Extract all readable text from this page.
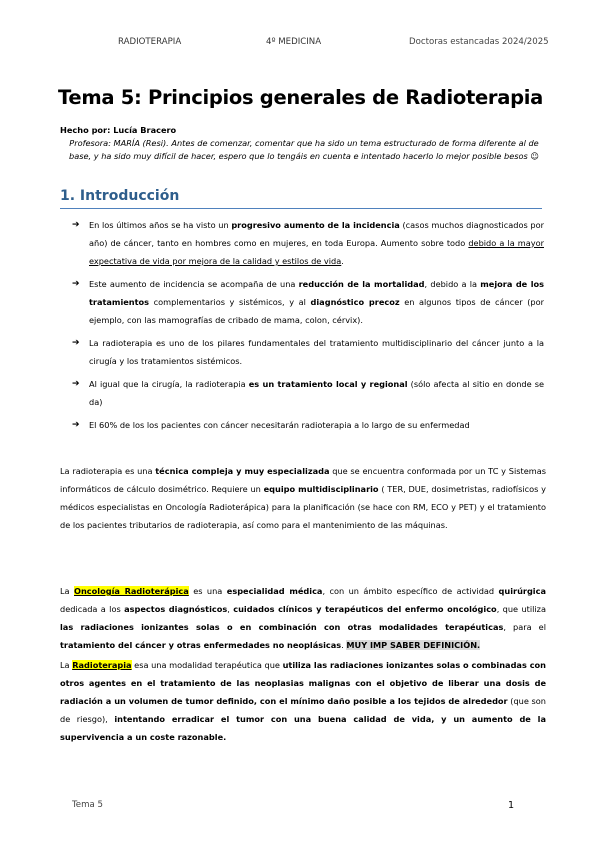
RADIOTERAPIA	4º MEDICINA	Doctoras estancadas 2024/2025
Tema 5: Principios generales de Radioterapia
Hecho por: Lucía Bracero
Profesora: MARÍA (Resi). Antes de comenzar, comentar que ha sido un tema estructurado de forma diferente al de base, y ha sido muy difícil de hacer, espero que lo tengáis en cuenta e intentado hacerlo lo mejor posible besos ☺
1. Introducción
➔ En los últimos años se ha visto un progresivo aumento de la incidencia (casos muchos diagnosticados por año) de cáncer, tanto en hombres como en mujeres, en toda Europa. Aumento sobre todo debido a la mayor expectativa de vida por mejora de la calidad y estilos de vida.
➔ Este aumento de incidencia se acompaña de una reducción de la mortalidad, debido a la mejora de los tratamientos complementarios y sistémicos, y al diagnóstico precoz en algunos tipos de cáncer (por ejemplo, con las mamografías de cribado de mama, colon, cérvix).
➔ La radioterapia es uno de los pilares fundamentales del tratamiento multidisciplinario del cáncer junto a la cirugía y los tratamientos sistémicos.
➔ Al igual que la cirugía, la radioterapia es un tratamiento local y regional (sólo afecta al sitio en donde se da)
➔ El 60% de los los pacientes con cáncer necesitarán radioterapia a lo largo de su enfermedad
La radioterapia es una técnica compleja y muy especializada que se encuentra conformada por un TC y Sistemas informáticos de cálculo dosimétrico. Requiere un equipo multidisciplinario ( TER, DUE, dosimetristas, radiofísicos y médicos especialistas en Oncología Radioterápica) para la planificación (se hace con RM, ECO y PET) y el tratamiento de los pacientes tributarios de radioterapia, así como para el mantenimiento de las máquinas.
La Oncología Radioterápica es una especialidad médica, con un ámbito específico de actividad quirúrgica dedicada a los aspectos diagnósticos, cuidados clínicos y terapéuticos del enfermo oncológico, que utiliza las radiaciones ionizantes solas o en combinación con otras modalidades terapéuticas, para el tratamiento del cáncer y otras enfermedades no neoplásicas. MUY IMP SABER DEFINICIÓN.
La Radioterapia esa una modalidad terapéutica que utiliza las radiaciones ionizantes solas o combinadas con otros agentes en el tratamiento de las neoplasias malignas con el objetivo de liberar una dosis de radiación a un volumen de tumor definido, con el mínimo daño posible a los tejidos de alrededor (que son de riesgo), intentando erradicar el tumor con una buena calidad de vida, y un aumento de la supervivencia a un coste razonable.
Tema 5	1
